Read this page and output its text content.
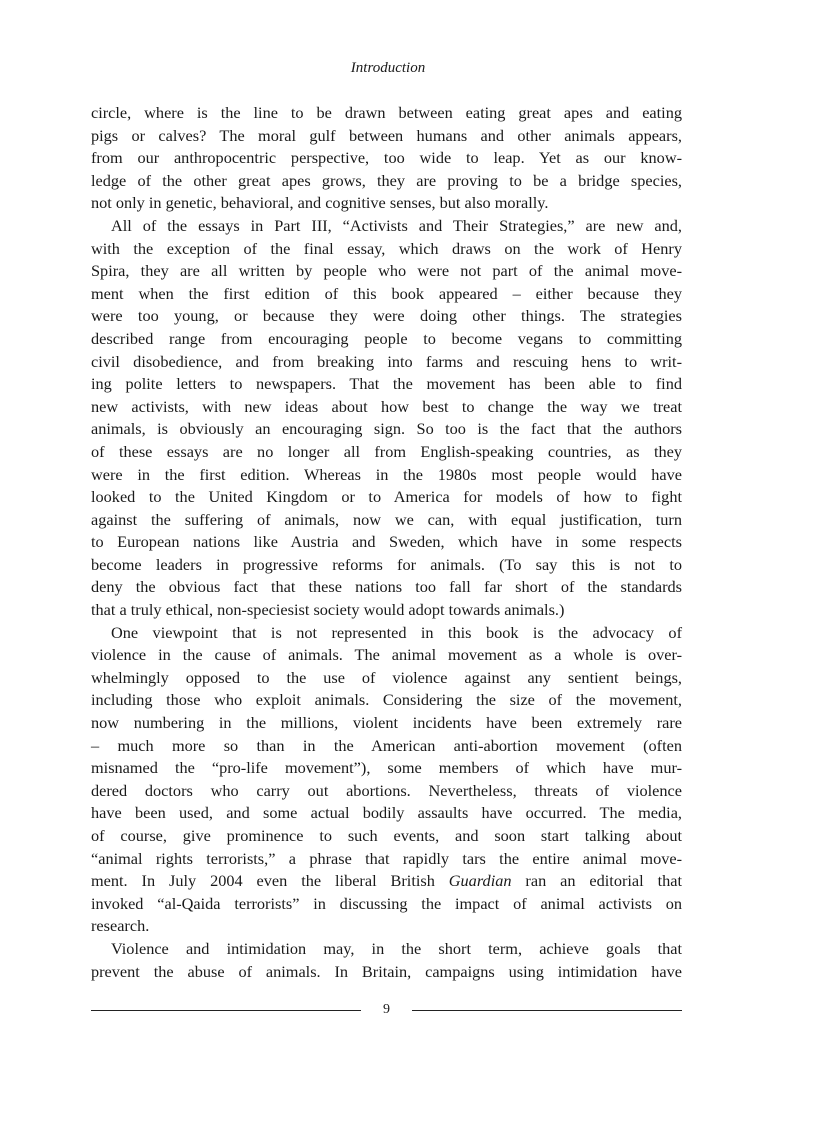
Introduction
circle, where is the line to be drawn between eating great apes and eating
pigs or calves? The moral gulf between humans and other animals appears,
from our anthropocentric perspective, too wide to leap. Yet as our know-
ledge of the other great apes grows, they are proving to be a bridge species,
not only in genetic, behavioral, and cognitive senses, but also morally.
All of the essays in Part III, “Activists and Their Strategies,” are new and,
with the exception of the final essay, which draws on the work of Henry
Spira, they are all written by people who were not part of the animal move-
ment when the first edition of this book appeared – either because they
were too young, or because they were doing other things. The strategies
described range from encouraging people to become vegans to committing
civil disobedience, and from breaking into farms and rescuing hens to writ-
ing polite letters to newspapers. That the movement has been able to find
new activists, with new ideas about how best to change the way we treat
animals, is obviously an encouraging sign. So too is the fact that the authors
of these essays are no longer all from English-speaking countries, as they
were in the first edition. Whereas in the 1980s most people would have
looked to the United Kingdom or to America for models of how to fight
against the suffering of animals, now we can, with equal justification, turn
to European nations like Austria and Sweden, which have in some respects
become leaders in progressive reforms for animals. (To say this is not to
deny the obvious fact that these nations too fall far short of the standards
that a truly ethical, non-speciesist society would adopt towards animals.)
One viewpoint that is not represented in this book is the advocacy of
violence in the cause of animals. The animal movement as a whole is over-
whelmingly opposed to the use of violence against any sentient beings,
including those who exploit animals. Considering the size of the movement,
now numbering in the millions, violent incidents have been extremely rare
– much more so than in the American anti-abortion movement (often
misnamed the “pro-life movement”), some members of which have mur-
dered doctors who carry out abortions. Nevertheless, threats of violence
have been used, and some actual bodily assaults have occurred. The media,
of course, give prominence to such events, and soon start talking about
“animal rights terrorists,” a phrase that rapidly tars the entire animal move-
ment. In July 2004 even the liberal British Guardian ran an editorial that
invoked “al-Qaida terrorists” in discussing the impact of animal activists on
research.
Violence and intimidation may, in the short term, achieve goals that
prevent the abuse of animals. In Britain, campaigns using intimidation have
9
